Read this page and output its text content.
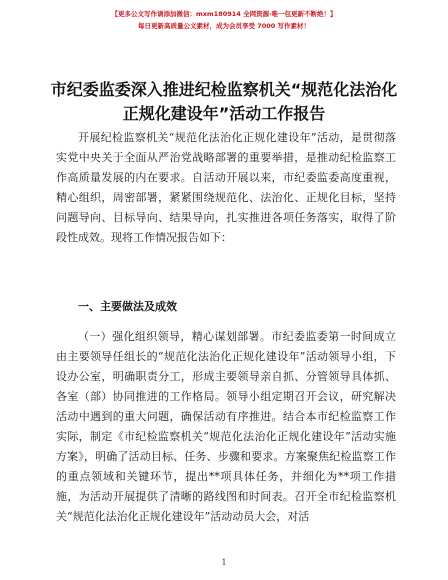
【更多公文写作请添加微信：mxm180914 全网资源·唯一包更新不断绝！】
每日更新高质量公文素材，成为会员享受 7000 写作素材！
市纪委监委深入推进纪检监察机关“规范化法治化正规化建设年”活动工作报告
开展纪检监察机关“规范化法治化正规化建设年”活动，是贯彻落实党中央关于全面从严治党战略部署的重要举措，是推动纪检监察工作高质量发展的内在要求。自活动开展以来，市纪委监委高度重视，精心组织，周密部署，紧紧围绕规范化、法治化、正规化目标，坚持问题导向、目标导向、结果导向，扎实推进各项任务落实，取得了阶段性成效。现将工作情况报告如下：
一、主要做法及成效
（一）强化组织领导，精心谋划部署。市纪委监委第一时间成立由主要领导任组长的“规范化法治化正规化建设年”活动领导小组，下设办公室，明确职责分工，形成主要领导亲自抓、分管领导具体抓、各室（部）协同推进的工作格局。领导小组定期召开会议，研究解决活动中遇到的重大问题，确保活动有序推进。结合本市纪检监察工作实际，制定《市纪检监察机关“规范化法治化正规化建设年”活动实施方案》，明确了活动目标、任务、步骤和要求。方案聚焦纪检监察工作的重点领域和关键环节，提出**项具体任务，并细化为**项工作措施，为活动开展提供了清晰的路线图和时间表。召开全市纪检监察机关“规范化法治化正规化建设年”活动动员大会，对活
1
